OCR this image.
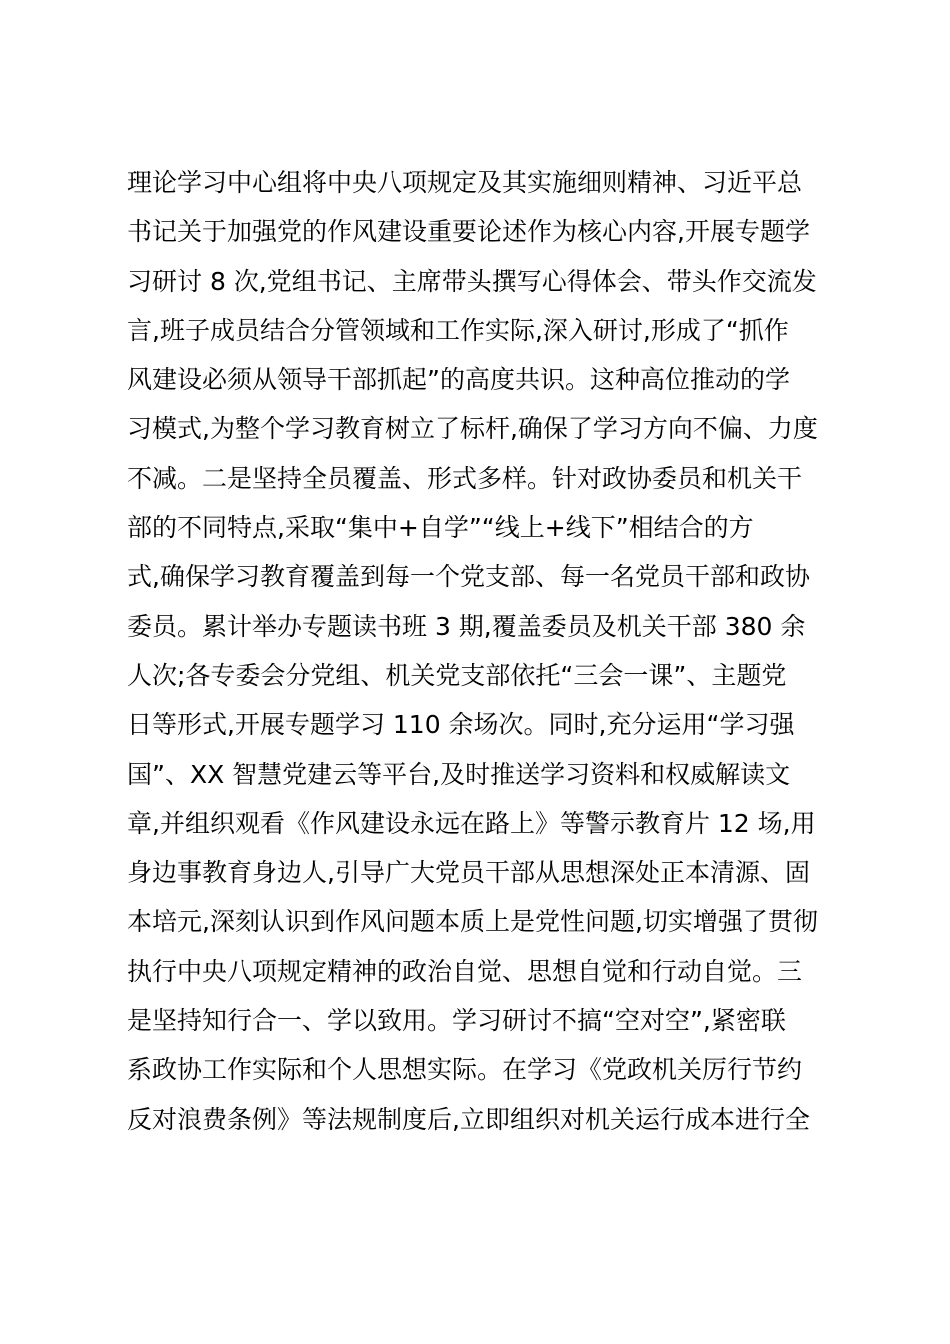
理论学习中心组将中央八项规定及其实施细则精神、习近平总
书记关于加强党的作风建设重要论述作为核心内容,开展专题学
习研讨 8 次,党组书记、主席带头撰写心得体会、带头作交流发
言,班子成员结合分管领域和工作实际,深入研讨,形成了“抓作
风建设必须从领导干部抓起”的高度共识。这种高位推动的学
习模式,为整个学习教育树立了标杆,确保了学习方向不偏、力度
不减。二是坚持全员覆盖、形式多样。针对政协委员和机关干
部的不同特点,采取“集中+自学”“线上+线下”相结合的方
式,确保学习教育覆盖到每一个党支部、每一名党员干部和政协
委员。累计举办专题读书班 3 期,覆盖委员及机关干部 380 余
人次;各专委会分党组、机关党支部依托“三会一课”、主题党
日等形式,开展专题学习 110 余场次。同时,充分运用“学习强
国”、XX 智慧党建云等平台,及时推送学习资料和权威解读文
章,并组织观看《作风建设永远在路上》等警示教育片 12 场,用
身边事教育身边人,引导广大党员干部从思想深处正本清源、固
本培元,深刻认识到作风问题本质上是党性问题,切实增强了贯彻
执行中央八项规定精神的政治自觉、思想自觉和行动自觉。三
是坚持知行合一、学以致用。学习研讨不搞“空对空”,紧密联
系政协工作实际和个人思想实际。在学习《党政机关厉行节约
反对浪费条例》等法规制度后,立即组织对机关运行成本进行全
